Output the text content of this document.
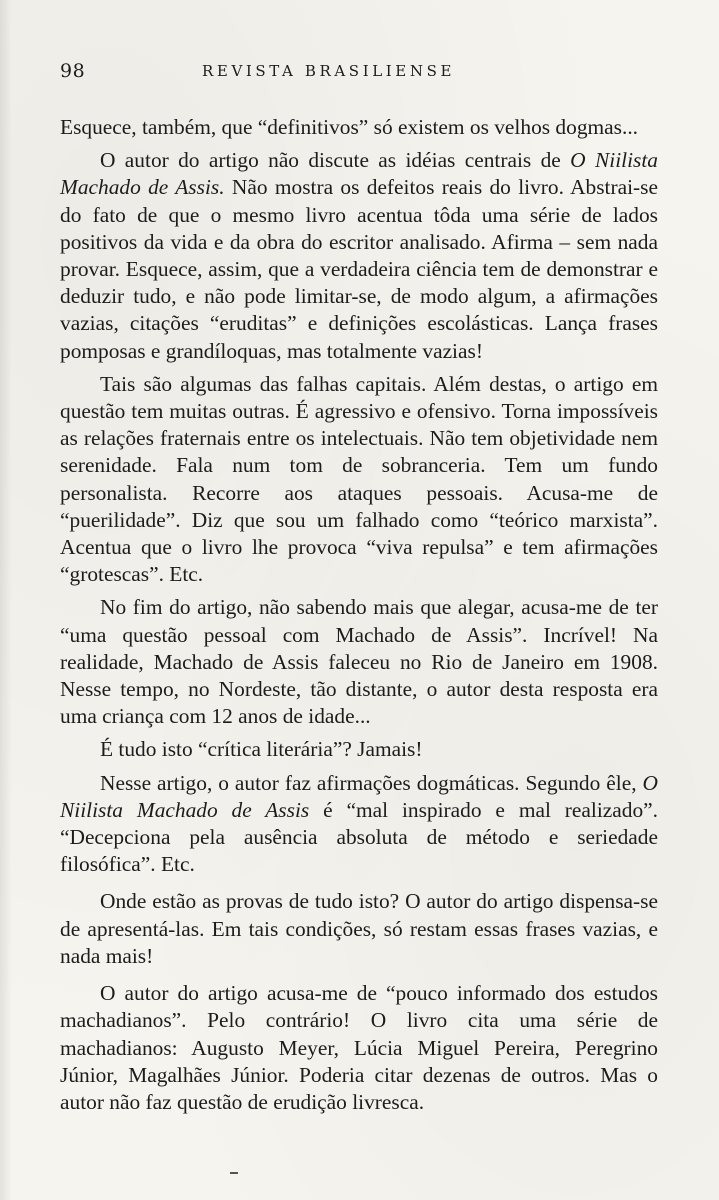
98	REVISTA BRASILIENSE

Esquece, também, que “definitivos” só existem os velhos dogmas...

O autor do artigo não discute as idéias centrais de O Niilista Machado de Assis. Não mostra os defeitos reais do livro. Abstrai-se do fato de que o mesmo livro acentua tôda uma série de lados positivos da vida e da obra do escritor analisado. Afirma – sem nada provar. Esquece, assim, que a verdadeira ciência tem de demonstrar e deduzir tudo, e não pode limitar-se, de modo algum, a afirmações vazias, citações “eruditas” e definições escolásticas. Lança frases pomposas e grandíloquas, mas totalmente vazias!

Tais são algumas das falhas capitais. Além destas, o artigo em questão tem muitas outras. É agressivo e ofensivo. Torna impossíveis as relações fraternais entre os intelectuais. Não tem objetividade nem serenidade. Fala num tom de sobranceria. Tem um fundo personalista. Recorre aos ataques pessoais. Acusa-me de “puerilidade”. Diz que sou um falhado como “teórico marxista”. Acentua que o livro lhe provoca “viva repulsa” e tem afirmações “grotescas”. Etc.

No fim do artigo, não sabendo mais que alegar, acusa-me de ter “uma questão pessoal com Machado de Assis”. Incrível! Na realidade, Machado de Assis faleceu no Rio de Janeiro em 1908. Nesse tempo, no Nordeste, tão distante, o autor desta resposta era uma criança com 12 anos de idade...

É tudo isto “crítica literária”? Jamais!

Nesse artigo, o autor faz afirmações dogmáticas. Segundo êle, O Niilista Machado de Assis é “mal inspirado e mal realizado”. “Decepciona pela ausência absoluta de método e seriedade filosófica”. Etc.

Onde estão as provas de tudo isto? O autor do artigo dispensa-se de apresentá-las. Em tais condições, só restam essas frases vazias, e nada mais!

O autor do artigo acusa-me de “pouco informado dos estudos machadianos”. Pelo contrário! O livro cita uma série de machadianos: Augusto Meyer, Lúcia Miguel Pereira, Peregrino Júnior, Magalhães Júnior. Poderia citar dezenas de outros. Mas o autor não faz questão de erudição livresca.
